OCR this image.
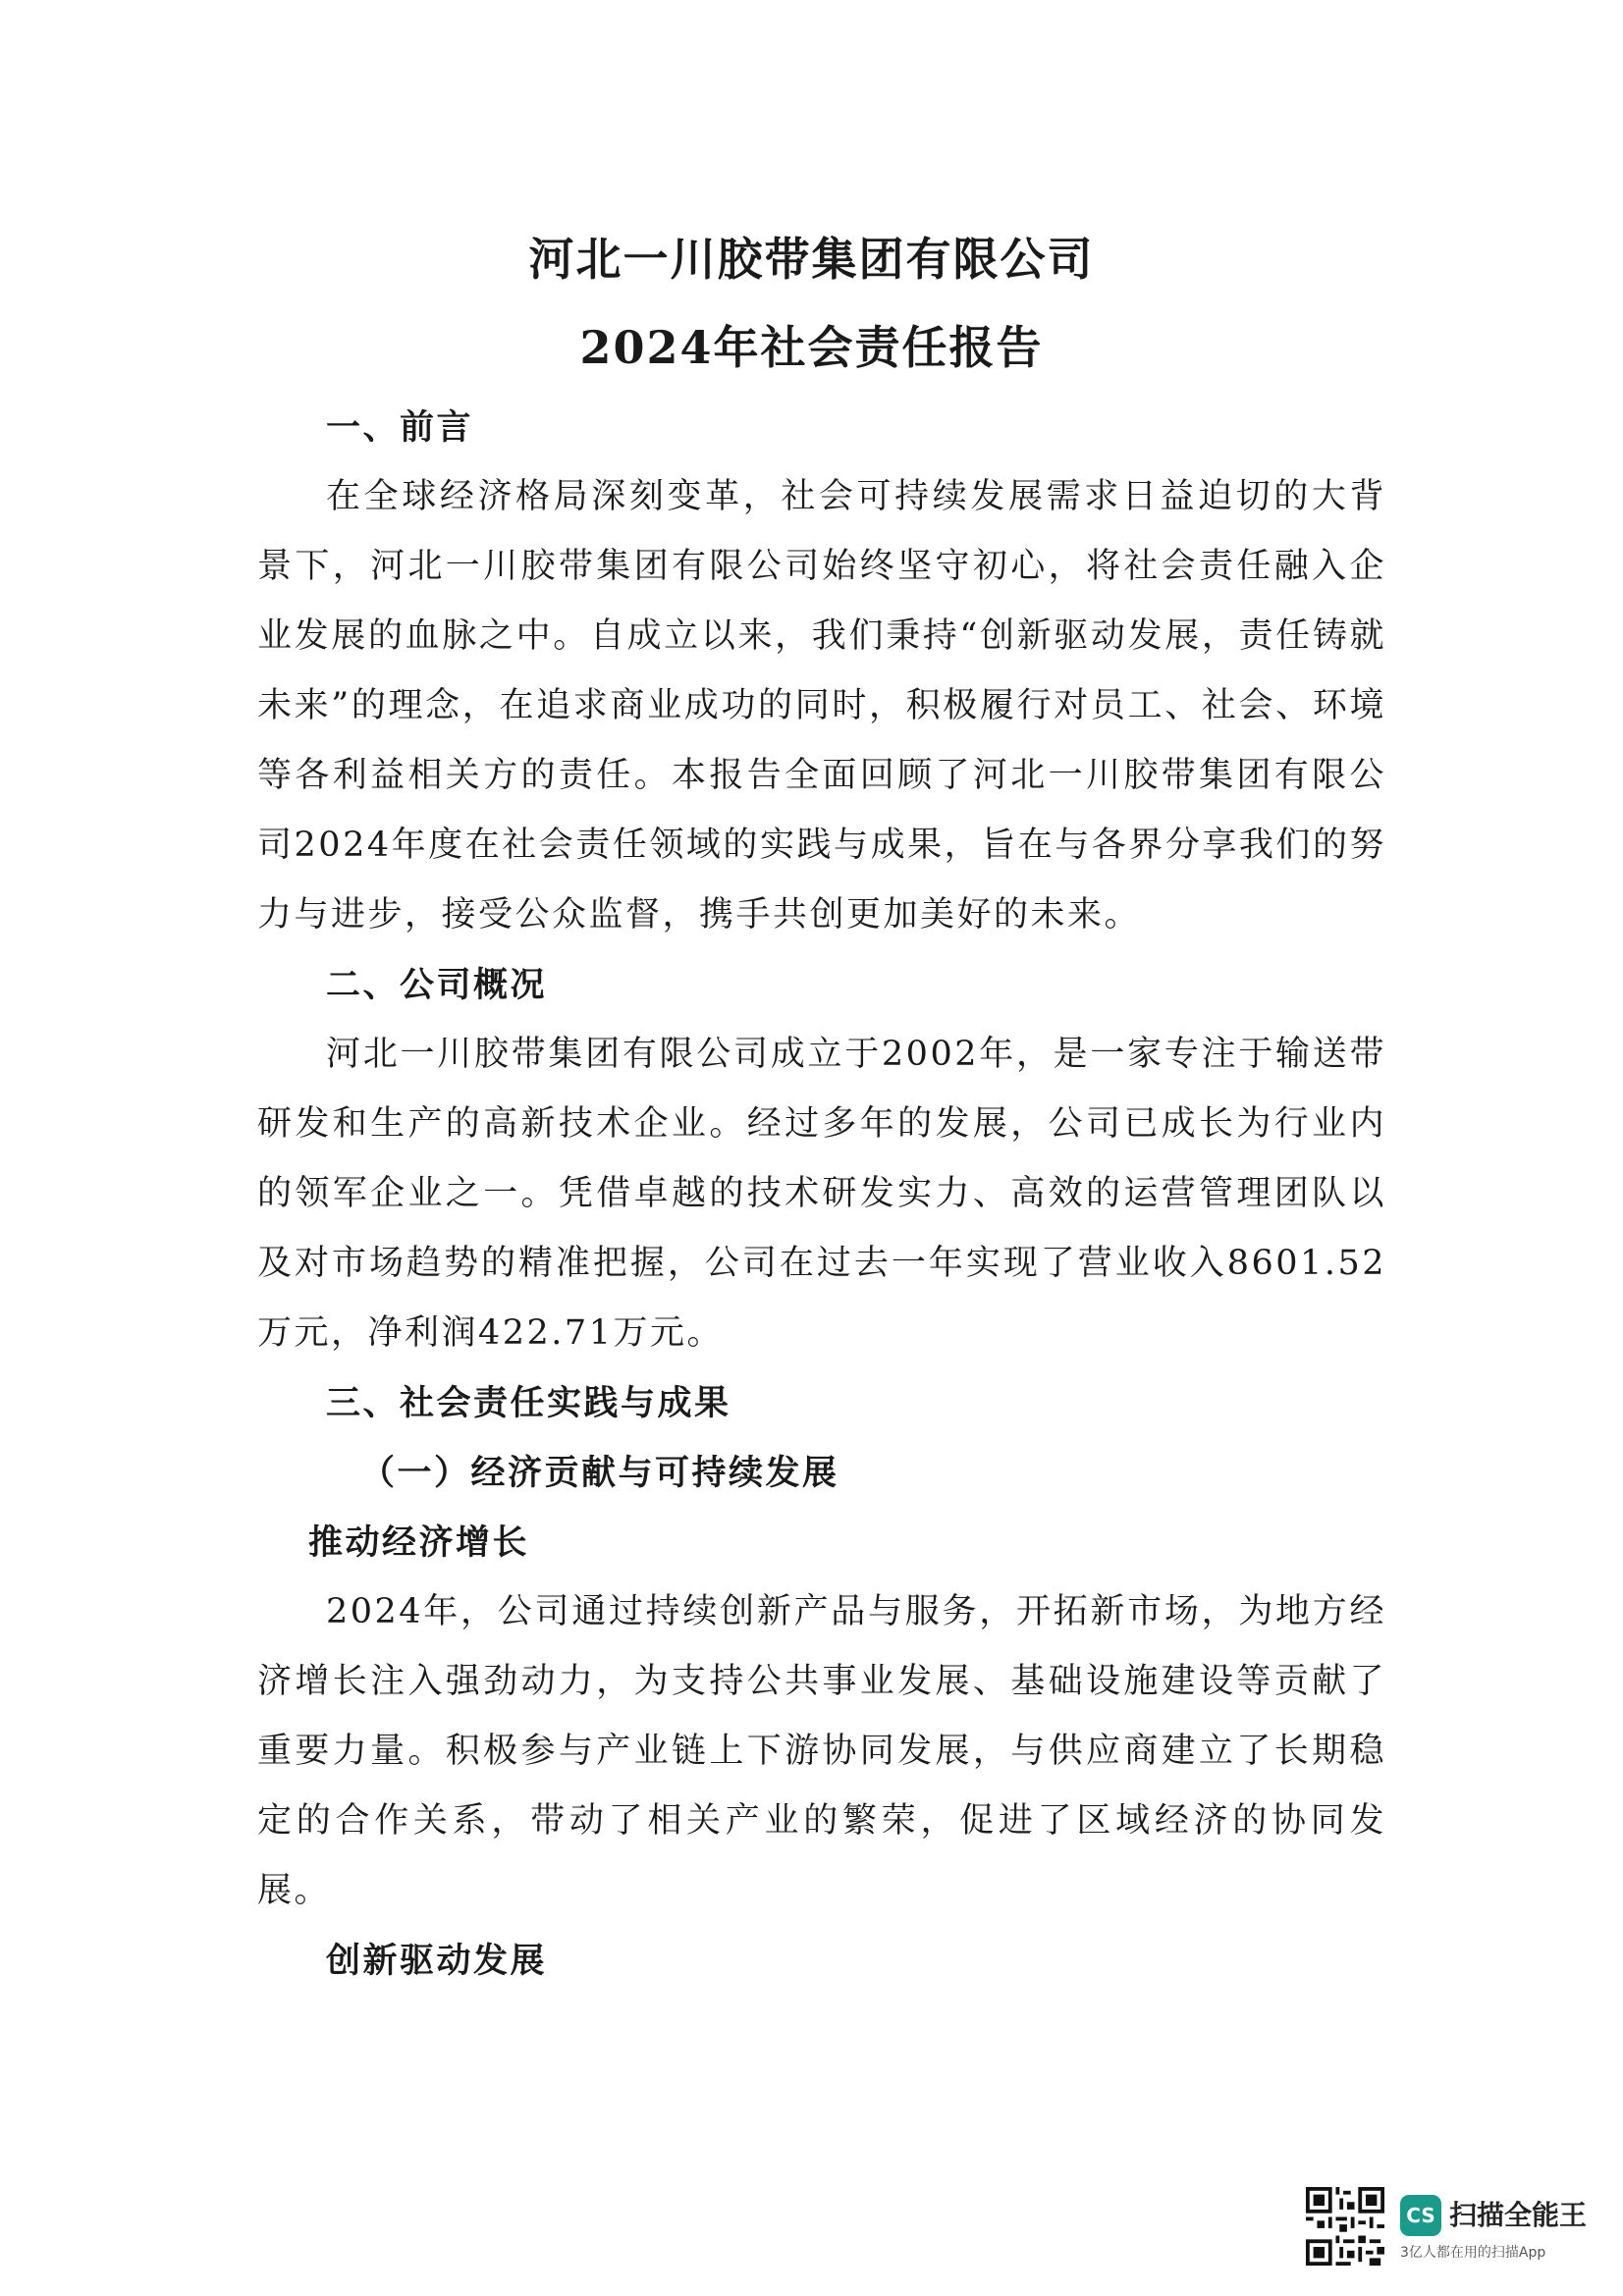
河北一川胶带集团有限公司
2024年社会责任报告

一、前言

在全球经济格局深刻变革，社会可持续发展需求日益迫切的大背景下，河北一川胶带集团有限公司始终坚守初心，将社会责任融入企业发展的血脉之中。自成立以来，我们秉持“创新驱动发展，责任铸就未来”的理念，在追求商业成功的同时，积极履行对员工、社会、环境等各利益相关方的责任。本报告全面回顾了河北一川胶带集团有限公司2024年度在社会责任领域的实践与成果，旨在与各界分享我们的努力与进步，接受公众监督，携手共创更加美好的未来。

二、公司概况

河北一川胶带集团有限公司成立于2002年，是一家专注于输送带研发和生产的高新技术企业。经过多年的发展，公司已成长为行业内的领军企业之一。凭借卓越的技术研发实力、高效的运营管理团队以及对市场趋势的精准把握，公司在过去一年实现了营业收入8601.52万元，净利润422.71万元。

三、社会责任实践与成果

（一）经济贡献与可持续发展

推动经济增长

2024年，公司通过持续创新产品与服务，开拓新市场，为地方经济增长注入强劲动力，为支持公共事业发展、基础设施建设等贡献了重要力量。积极参与产业链上下游协同发展，与供应商建立了长期稳定的合作关系，带动了相关产业的繁荣，促进了区域经济的协同发展。

创新驱动发展

CS 扫描全能王
3亿人都在用的扫描App
